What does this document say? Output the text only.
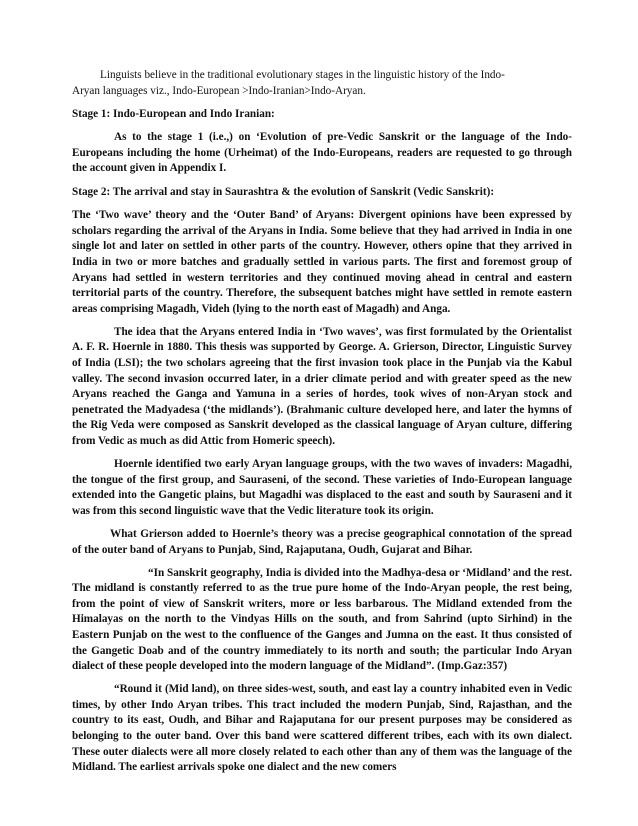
Linguists believe in the traditional evolutionary stages in the linguistic history of the Indo-
Aryan languages viz., Indo-European >Indo-Iranian>Indo-Aryan.

Stage 1: Indo-European and Indo Iranian:

As to the stage 1 (i.e.,) on ‘Evolution of pre-Vedic Sanskrit or the language of the Indo-Europeans including the home (Urheimat) of the Indo-Europeans, readers are requested to go through the account given in Appendix I.

Stage 2: The arrival and stay in Saurashtra & the evolution of Sanskrit (Vedic Sanskrit):

The ‘Two wave’ theory and the ‘Outer Band’ of Aryans: Divergent opinions have been expressed by scholars regarding the arrival of the Aryans in India. Some believe that they had arrived in India in one single lot and later on settled in other parts of the country. However, others opine that they arrived in India in two or more batches and gradually settled in various parts. The first and foremost group of Aryans had settled in western territories and they continued moving ahead in central and eastern territorial parts of the country. Therefore, the subsequent batches might have settled in remote eastern areas comprising Magadh, Videh (lying to the north east of Magadh) and Anga.

The idea that the Aryans entered India in ‘Two waves’, was first formulated by the Orientalist A. F. R. Hoernle in 1880. This thesis was supported by George. A. Grierson, Director, Linguistic Survey of India (LSI); the two scholars agreeing that the first invasion took place in the Punjab via the Kabul valley. The second invasion occurred later, in a drier climate period and with greater speed as the new Aryans reached the Ganga and Yamuna in a series of hordes, took wives of non-Aryan stock and penetrated the Madyadesa (‘the midlands’). (Brahmanic culture developed here, and later the hymns of the Rig Veda were composed as Sanskrit developed as the classical language of Aryan culture, differing from Vedic as much as did Attic from Homeric speech).

Hoernle identified two early Aryan language groups, with the two waves of invaders: Magadhi, the tongue of the first group, and Sauraseni, of the second. These varieties of Indo-European language extended into the Gangetic plains, but Magadhi was displaced to the east and south by Sauraseni and it was from this second linguistic wave that the Vedic literature took its origin.

What Grierson added to Hoernle’s theory was a precise geographical connotation of the spread of the outer band of Aryans to Punjab, Sind, Rajaputana, Oudh, Gujarat and Bihar.

“In Sanskrit geography, India is divided into the Madhya-desa or ‘Midland’ and the rest. The midland is constantly referred to as the true pure home of the Indo-Aryan people, the rest being, from the point of view of Sanskrit writers, more or less barbarous. The Midland extended from the Himalayas on the north to the Vindyas Hills on the south, and from Sahrind (upto Sirhind) in the Eastern Punjab on the west to the confluence of the Ganges and Jumna on the east. It thus consisted of the Gangetic Doab and of the country immediately to its north and south; the particular Indo Aryan dialect of these people developed into the modern language of the Midland”. (Imp.Gaz:357)

“Round it (Mid land), on three sides-west, south, and east lay a country inhabited even in Vedic times, by other Indo Aryan tribes. This tract included the modern Punjab, Sind, Rajasthan, and the country to its east, Oudh, and Bihar and Rajaputana for our present purposes may be considered as belonging to the outer band. Over this band were scattered different tribes, each with its own dialect. These outer dialects were all more closely related to each other than any of them was the language of the Midland. The earliest arrivals spoke one dialect and the new comers
